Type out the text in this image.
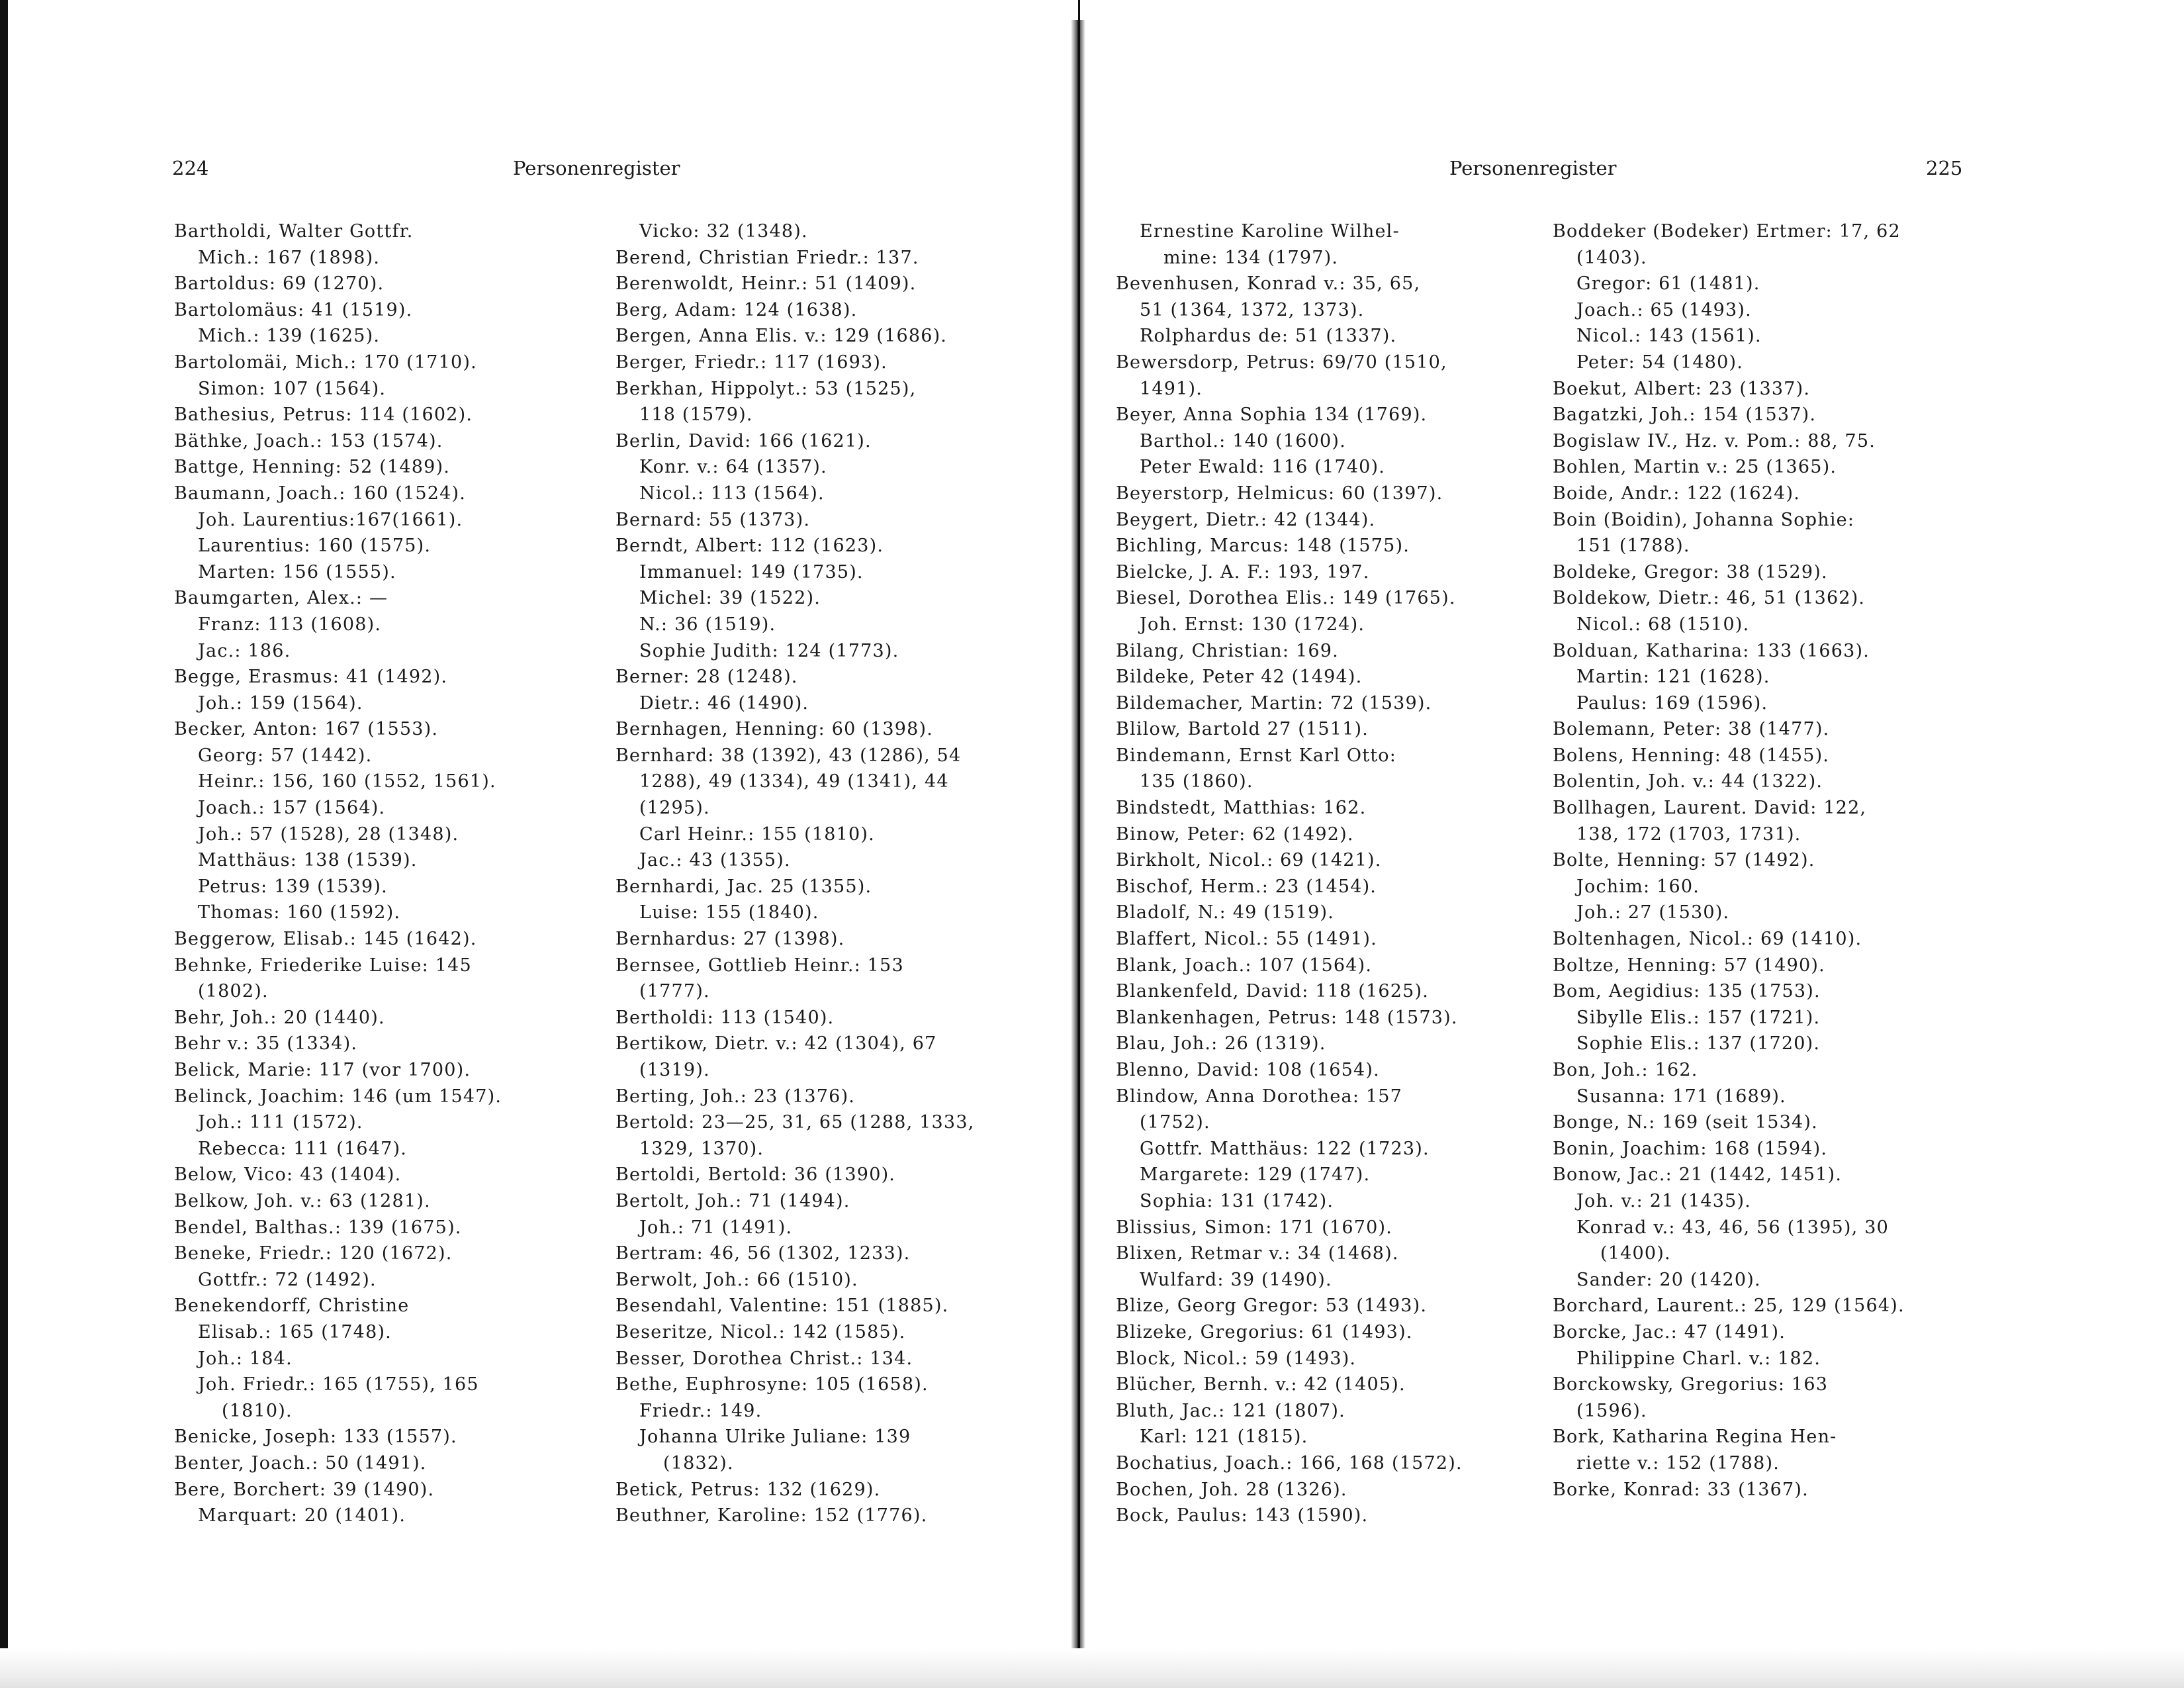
224	Personenregister	Personenregister	225
Bartholdi, Walter Gottfr.
Mich.: 167 (1898).
Bartoldus: 69 (1270).
Bartolomäus: 41 (1519).
Mich.: 139 (1625).
Bartolomäi, Mich.: 170 (1710).
Simon: 107 (1564).
Bathesius, Petrus: 114 (1602).
Bäthke, Joach.: 153 (1574).
Battge, Henning: 52 (1489).
Baumann, Joach.: 160 (1524).
Joh. Laurentius:167(1661).
Laurentius: 160 (1575).
Marten: 156 (1555).
Baumgarten, Alex.: —
Franz: 113 (1608).
Jac.: 186.
Begge, Erasmus: 41 (1492).
Joh.: 159 (1564).
Becker, Anton: 167 (1553).
Georg: 57 (1442).
Heinr.: 156, 160 (1552, 1561).
Joach.: 157 (1564).
Joh.: 57 (1528), 28 (1348).
Matthäus: 138 (1539).
Petrus: 139 (1539).
Thomas: 160 (1592).
Beggerow, Elisab.: 145 (1642).
Behnke, Friederike Luise: 145
(1802).
Behr, Joh.: 20 (1440).
Behr v.: 35 (1334).
Belick, Marie: 117 (vor 1700).
Belinck, Joachim: 146 (um 1547).
Joh.: 111 (1572).
Rebecca: 111 (1647).
Below, Vico: 43 (1404).
Belkow, Joh. v.: 63 (1281).
Bendel, Balthas.: 139 (1675).
Beneke, Friedr.: 120 (1672).
Gottfr.: 72 (1492).
Benekendorff, Christine
Elisab.: 165 (1748).
Joh.: 184.
Joh. Friedr.: 165 (1755), 165
(1810).
Benicke, Joseph: 133 (1557).
Benter, Joach.: 50 (1491).
Bere, Borchert: 39 (1490).
Marquart: 20 (1401).
Vicko: 32 (1348).
Berend, Christian Friedr.: 137.
Berenwoldt, Heinr.: 51 (1409).
Berg, Adam: 124 (1638).
Bergen, Anna Elis. v.: 129 (1686).
Berger, Friedr.: 117 (1693).
Berkhan, Hippolyt.: 53 (1525),
118 (1579).
Berlin, David: 166 (1621).
Konr. v.: 64 (1357).
Nicol.: 113 (1564).
Bernard: 55 (1373).
Berndt, Albert: 112 (1623).
Immanuel: 149 (1735).
Michel: 39 (1522).
N.: 36 (1519).
Sophie Judith: 124 (1773).
Berner: 28 (1248).
Dietr.: 46 (1490).
Bernhagen, Henning: 60 (1398).
Bernhard: 38 (1392), 43 (1286), 54
1288), 49 (1334), 49 (1341), 44
(1295).
Carl Heinr.: 155 (1810).
Jac.: 43 (1355).
Bernhardi, Jac. 25 (1355).
Luise: 155 (1840).
Bernhardus: 27 (1398).
Bernsee, Gottlieb Heinr.: 153
(1777).
Bertholdi: 113 (1540).
Bertikow, Dietr. v.: 42 (1304), 67
(1319).
Berting, Joh.: 23 (1376).
Bertold: 23—25, 31, 65 (1288, 1333,
1329, 1370).
Bertoldi, Bertold: 36 (1390).
Bertolt, Joh.: 71 (1494).
Joh.: 71 (1491).
Bertram: 46, 56 (1302, 1233).
Berwolt, Joh.: 66 (1510).
Besendahl, Valentine: 151 (1885).
Beseritze, Nicol.: 142 (1585).
Besser, Dorothea Christ.: 134.
Bethe, Euphrosyne: 105 (1658).
Friedr.: 149.
Johanna Ulrike Juliane: 139
(1832).
Betick, Petrus: 132 (1629).
Beuthner, Karoline: 152 (1776).
Ernestine Karoline Wilhel-
mine: 134 (1797).
Bevenhusen, Konrad v.: 35, 65,
51 (1364, 1372, 1373).
Rolphardus de: 51 (1337).
Bewersdorp, Petrus: 69/70 (1510,
1491).
Beyer, Anna Sophia 134 (1769).
Barthol.: 140 (1600).
Peter Ewald: 116 (1740).
Beyerstorp, Helmicus: 60 (1397).
Beygert, Dietr.: 42 (1344).
Bichling, Marcus: 148 (1575).
Bielcke, J. A. F.: 193, 197.
Biesel, Dorothea Elis.: 149 (1765).
Joh. Ernst: 130 (1724).
Bilang, Christian: 169.
Bildeke, Peter 42 (1494).
Bildemacher, Martin: 72 (1539).
Blilow, Bartold 27 (1511).
Bindemann, Ernst Karl Otto:
135 (1860).
Bindstedt, Matthias: 162.
Binow, Peter: 62 (1492).
Birkholt, Nicol.: 69 (1421).
Bischof, Herm.: 23 (1454).
Bladolf, N.: 49 (1519).
Blaffert, Nicol.: 55 (1491).
Blank, Joach.: 107 (1564).
Blankenfeld, David: 118 (1625).
Blankenhagen, Petrus: 148 (1573).
Blau, Joh.: 26 (1319).
Blenno, David: 108 (1654).
Blindow, Anna Dorothea: 157
(1752).
Gottfr. Matthäus: 122 (1723).
Margarete: 129 (1747).
Sophia: 131 (1742).
Blissius, Simon: 171 (1670).
Blixen, Retmar v.: 34 (1468).
Wulfard: 39 (1490).
Blize, Georg Gregor: 53 (1493).
Blizeke, Gregorius: 61 (1493).
Block, Nicol.: 59 (1493).
Blücher, Bernh. v.: 42 (1405).
Bluth, Jac.: 121 (1807).
Karl: 121 (1815).
Bochatius, Joach.: 166, 168 (1572).
Bochen, Joh. 28 (1326).
Bock, Paulus: 143 (1590).
Boddeker (Bodeker) Ertmer: 17, 62
(1403).
Gregor: 61 (1481).
Joach.: 65 (1493).
Nicol.: 143 (1561).
Peter: 54 (1480).
Boekut, Albert: 23 (1337).
Bagatzki, Joh.: 154 (1537).
Bogislaw IV., Hz. v. Pom.: 88, 75.
Bohlen, Martin v.: 25 (1365).
Boide, Andr.: 122 (1624).
Boin (Boidin), Johanna Sophie:
151 (1788).
Boldeke, Gregor: 38 (1529).
Boldekow, Dietr.: 46, 51 (1362).
Nicol.: 68 (1510).
Bolduan, Katharina: 133 (1663).
Martin: 121 (1628).
Paulus: 169 (1596).
Bolemann, Peter: 38 (1477).
Bolens, Henning: 48 (1455).
Bolentin, Joh. v.: 44 (1322).
Bollhagen, Laurent. David: 122,
138, 172 (1703, 1731).
Bolte, Henning: 57 (1492).
Jochim: 160.
Joh.: 27 (1530).
Boltenhagen, Nicol.: 69 (1410).
Boltze, Henning: 57 (1490).
Bom, Aegidius: 135 (1753).
Sibylle Elis.: 157 (1721).
Sophie Elis.: 137 (1720).
Bon, Joh.: 162.
Susanna: 171 (1689).
Bonge, N.: 169 (seit 1534).
Bonin, Joachim: 168 (1594).
Bonow, Jac.: 21 (1442, 1451).
Joh. v.: 21 (1435).
Konrad v.: 43, 46, 56 (1395), 30
(1400).
Sander: 20 (1420).
Borchard, Laurent.: 25, 129 (1564).
Borcke, Jac.: 47 (1491).
Philippine Charl. v.: 182.
Borckowsky, Gregorius: 163
(1596).
Bork, Katharina Regina Hen-
riette v.: 152 (1788).
Borke, Konrad: 33 (1367).
